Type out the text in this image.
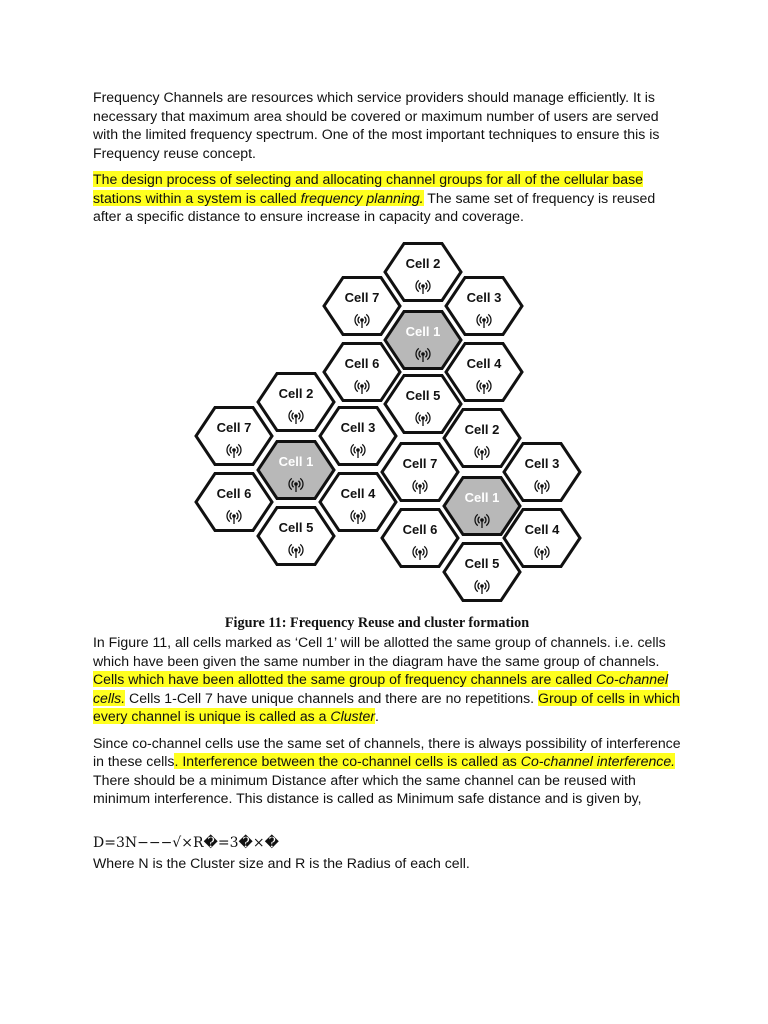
Frequency Channels are resources which service providers should manage efficiently. It is necessary that maximum area should be covered or maximum number of users are served with the limited frequency spectrum. One of the most important techniques to ensure this is Frequency reuse concept.

The design process of selecting and allocating channel groups for all of the cellular base stations within a system is called frequency planning. The same set of frequency is reused after a specific distance to ensure increase in capacity and coverage.

Cell 2
Cell 7	Cell 3
Cell 1
Cell 6	Cell 4
Cell 5
Cell 2
Cell 7	Cell 3
Cell 1
Cell 6	Cell 4
Cell 5
Cell 2
Cell 7	Cell 3
Cell 1
Cell 6	Cell 4
Cell 5
Figure 11: Frequency Reuse and cluster formation

In Figure 11, all cells marked as ‘Cell 1’ will be allotted the same group of channels. i.e. cells which have been given the same number in the diagram have the same group of channels. Cells which have been allotted the same group of frequency channels are called Co-channel cells. Cells 1-Cell 7 have unique channels and there are no repetitions. Group of cells in which every channel is unique is called as a Cluster.

Since co-channel cells use the same set of channels, there is always possibility of interference in these cells. Interference between the co-channel cells is called as Co-channel interference. There should be a minimum Distance after which the same channel can be reused with minimum interference. This distance is called as Minimum safe distance and is given by,

D=3N−−−√×R�=3�×�
Where N is the Cluster size and R is the Radius of each cell.
